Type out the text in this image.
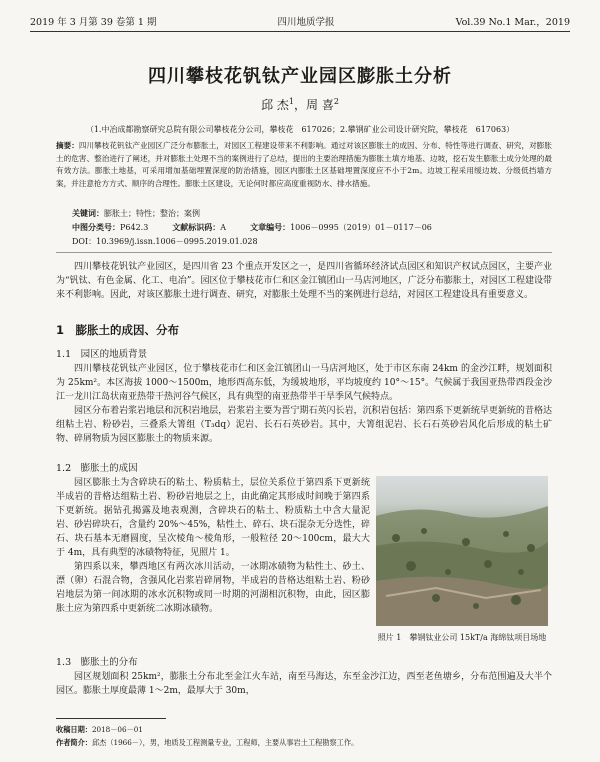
2019 年 3 月第 39 卷第 1 期	四川地质学报	Vol.39 No.1 Mar.，2019
四川攀枝花钒钛产业园区膨胀土分析
邱 杰$^1$，周 喜$^2$
（1.中冶成都勘察研究总院有限公司攀枝花分公司，攀枝花　617026；2.攀钢矿业公司设计研究院，攀枝花　617063）
摘要：四川攀枝花钒钛产业园区广泛分布膨胀土，对园区工程建设带来不利影响。通过对该区膨胀土的成因、分布、特性等进行调查、研究，对膨胀土的危害、整治进行了阐述，并对膨胀土处理不当的案例进行了总结，提出的主要治理措施为膨胀土填方地基、边坡，挖石发生膨胀土成分处理的最有效方法。膨胀土地基，可采用增加基础埋置深度的防治措施，园区内膨胀土区基础埋置深度应不小于2m。边坡工程采用缓边坡、分级低挡墙方案，并注意抢方方式、顺序的合理性。膨胀土区建设，无论何时都应高度重视防水、排水措施。
关键词：膨胀土；特性；整治；案例
中图分类号：P642.3	文献标识码：A	文章编号：1006－0995（2019）01－0117－06
DOI：10.3969/j.issn.1006－0995.2019.01.028

四川攀枝花钒钛产业园区，是四川省 23 个重点开发区之一，是四川省循环经济试点园区和知识产权试点园区，主要产业为“钒钛、有色金属、化工、电冶”。园区位于攀枝花市仁和区金江镇团山一马店河地区，广泛分布膨胀土，对园区工程建设带来不利影响。因此，对该区膨胀土进行调查、研究，对膨胀土处理不当的案例进行总结，对园区工程建设具有重要意义。

1　 膨胀土的成因、分布
1.1　 园区的地质背景

四川攀枝花钒钛产业园区，位于攀枝花市仁和区金江镇团山一马店河地区，处于市区东南 24km 的金沙江畔，规划面积为 25km²。本区海拔 1000～1500m，地形西高东低，为缓坡地形，平均坡度约 10°～15°。气候属于我国亚热带西段金沙江一龙川江岛状南亚热带干热河谷气候区，具有典型的南亚热带半干旱季风气候特点。

园区分布着岩浆岩地层和沉积岩地层，岩浆岩主要为晋宁期石英闪长岩，沉积岩包括：第四系下更新统早更新统的昔格达组粘土岩、粉砂岩，三叠系大箐组（T₃dq）泥岩、长石石英砂岩。其中，大箐组泥岩、长石石英砂岩风化后形成的粘土矿物、碎屑物质为园区膨胀土的物质来源。

1.2　 膨胀土的成因

园区膨胀土为含碎块石的粘土、粉质粘土，层位关系位于第四系下更新统半成岩的昔格达组粘土岩、粉砂岩地层之上，由此确定其形成时间晚于第四系下更新统。据钻孔揭露及地表观测，含碎块石的粘土、粉质粘土中含大量泥岩、砂岩碎块石，含量约 20%～45%，粘性土、碎石、块石混杂无分选性，碎石、块石基本无磨圆度，呈次棱角～棱角形，一般粒径 20～100cm，最大大于 4m，具有典型的冰碛物特征，见照片 1。

第四系以来，攀西地区有两次冰川活动，一冰期冰碛物为粘性土、砂土、漂（卵）石混合物，含强风化岩浆岩碎屑物，半成岩的昔格达组粘土岩、粉砂岩地层为第一间冰期的冰水沉积物或同一时期的河湖相沉积物，由此，园区膨胀土应为第四系中更新统二冰期冰碛物。

照片 1　攀钢钛业公司 15kT/a 海绵钛项目场地
1.3　 膨胀土的分布

园区规划面积 25km²，膨胀土分布北至金江火车站，南至马海达，东至金沙江边，西至老鱼塘乡，分布范围遍及大半个园区。膨胀土厚度最薄 1～2m，最厚大于 30m，

收稿日期：2018－06－01
作者简介：邱杰（1966－），男，地质及工程测量专业，工程师，主要从事岩土工程勘察工作。
